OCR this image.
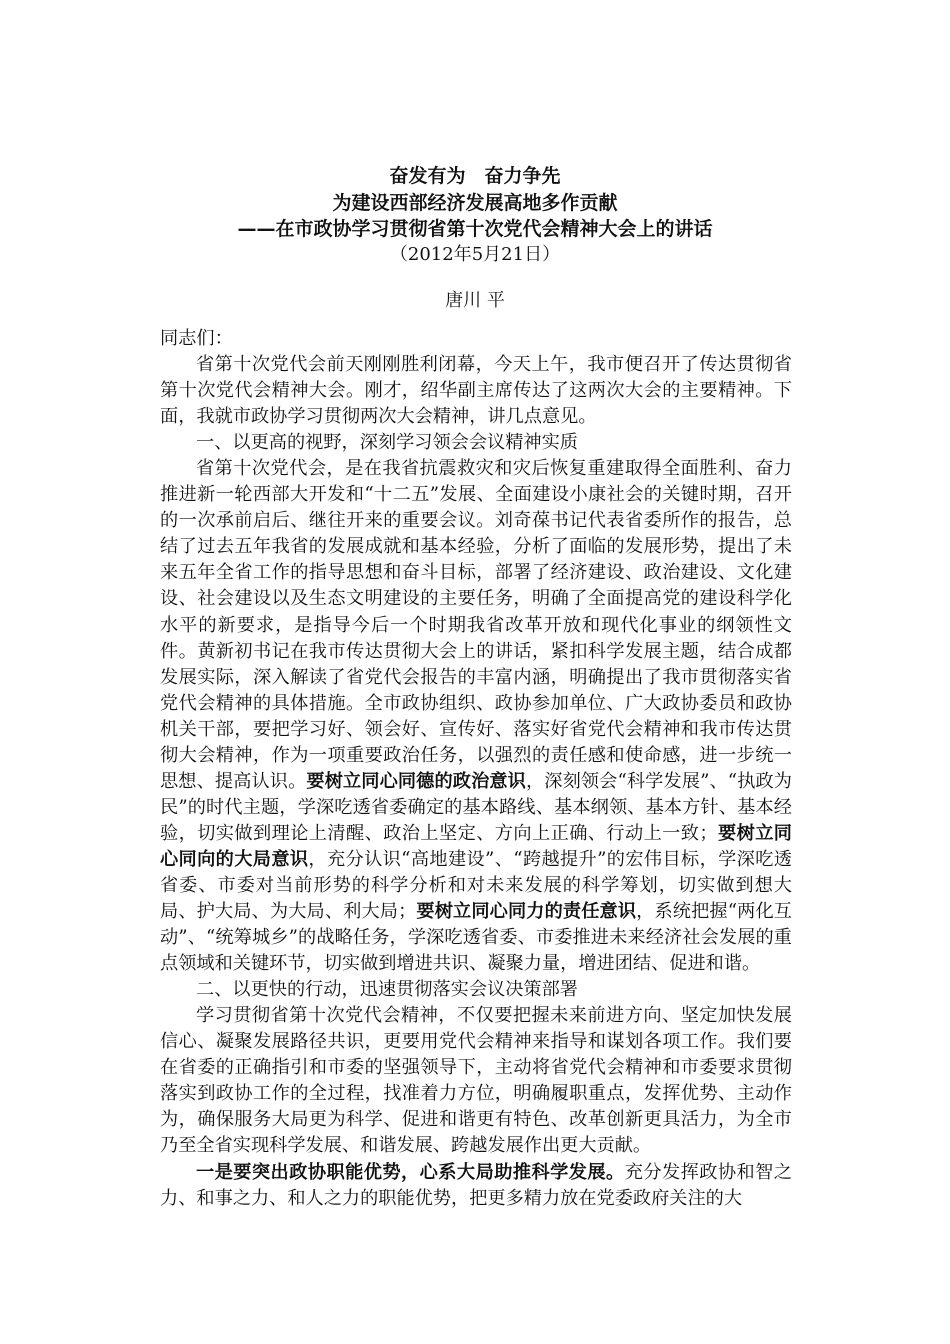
奋发有为　奋力争先
为建设西部经济发展高地多作贡献
——在市政协学习贯彻省第十次党代会精神大会上的讲话
（2012年5月21日）
唐川 平

同志们：

省第十次党代会前天刚刚胜利闭幕，今天上午，我市便召开了传达贯彻省第十次党代会精神大会。刚才，绍华副主席传达了这两次大会的主要精神。下面，我就市政协学习贯彻两次大会精神，讲几点意见。

一、以更高的视野，深刻学习领会会议精神实质

省第十次党代会，是在我省抗震救灾和灾后恢复重建取得全面胜利、奋力推进新一轮西部大开发和“十二五”发展、全面建设小康社会的关键时期，召开的一次承前启后、继往开来的重要会议。刘奇葆书记代表省委所作的报告，总结了过去五年我省的发展成就和基本经验，分析了面临的发展形势，提出了未来五年全省工作的指导思想和奋斗目标，部署了经济建设、政治建设、文化建设、社会建设以及生态文明建设的主要任务，明确了全面提高党的建设科学化水平的新要求，是指导今后一个时期我省改革开放和现代化事业的纲领性文件。黄新初书记在我市传达贯彻大会上的讲话，紧扣科学发展主题，结合成都发展实际，深入解读了省党代会报告的丰富内涵，明确提出了我市贯彻落实省党代会精神的具体措施。全市政协组织、政协参加单位、广大政协委员和政协机关干部，要把学习好、领会好、宣传好、落实好省党代会精神和我市传达贯彻大会精神，作为一项重要政治任务，以强烈的责任感和使命感，进一步统一思想、提高认识。要树立同心同德的政治意识，深刻领会“科学发展”、“执政为民”的时代主题，学深吃透省委确定的基本路线、基本纲领、基本方针、基本经验，切实做到理论上清醒、政治上坚定、方向上正确、行动上一致；要树立同心同向的大局意识，充分认识“高地建设”、“跨越提升”的宏伟目标，学深吃透省委、市委对当前形势的科学分析和对未来发展的科学筹划，切实做到想大局、护大局、为大局、利大局；要树立同心同力的责任意识，系统把握“两化互动”、“统筹城乡”的战略任务，学深吃透省委、市委推进未来经济社会发展的重点领域和关键环节，切实做到增进共识、凝聚力量，增进团结、促进和谐。

二、以更快的行动，迅速贯彻落实会议决策部署

学习贯彻省第十次党代会精神，不仅要把握未来前进方向、坚定加快发展信心、凝聚发展路径共识，更要用党代会精神来指导和谋划各项工作。我们要在省委的正确指引和市委的坚强领导下，主动将省党代会精神和市委要求贯彻落实到政协工作的全过程，找准着力方位，明确履职重点，发挥优势、主动作为，确保服务大局更为科学、促进和谐更有特色、改革创新更具活力，为全市乃至全省实现科学发展、和谐发展、跨越发展作出更大贡献。

一是要突出政协职能优势，心系大局助推科学发展。充分发挥政协和智之力、和事之力、和人之力的职能优势，把更多精力放在党委政府关注的大
